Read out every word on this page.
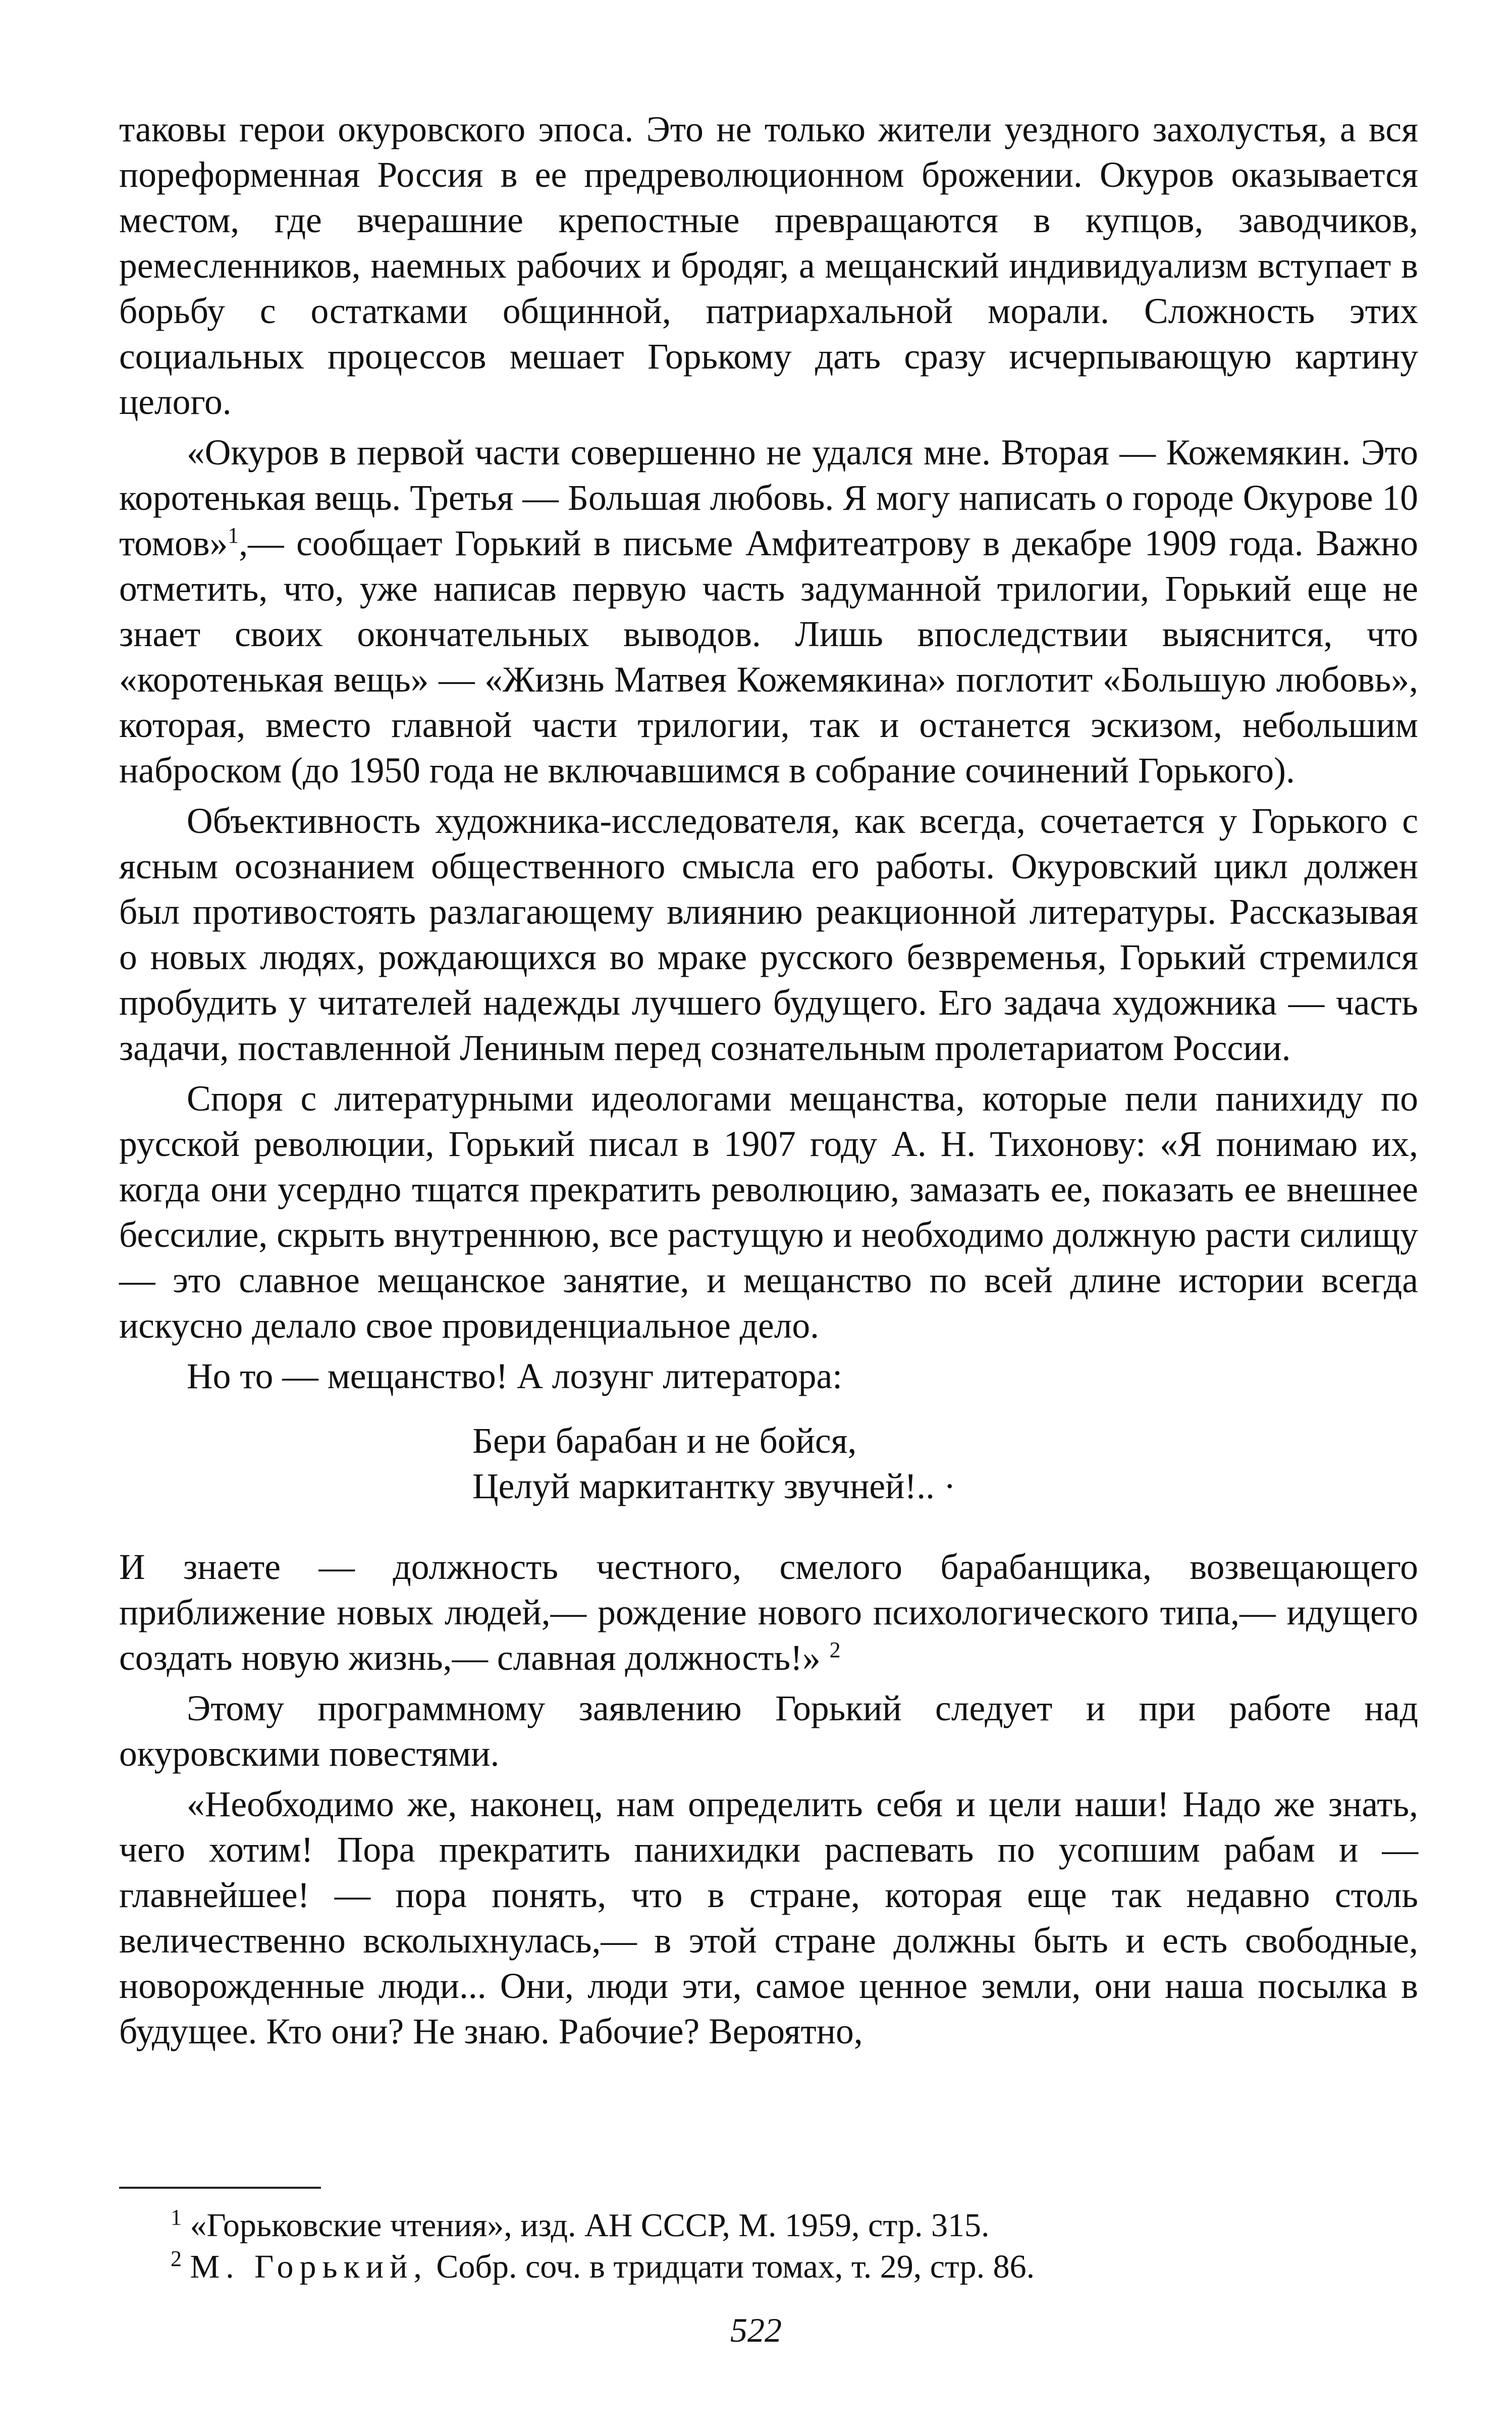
таковы герои окуровского эпоса. Это не только жители уездного захолустья, а вся пореформенная Россия в ее предреволюционном брожении. Окуров оказывается местом, где вчерашние крепостные превращаются в купцов, заводчиков, ремесленников, наемных рабочих и бродяг, а мещанский индивидуализм вступает в борьбу с остатками общинной, патриархальной морали. Сложность этих социальных процессов мешает Горькому дать сразу исчерпывающую картину целого.

«Окуров в первой части совершенно не удался мне. Вторая — Кожемякин. Это коротенькая вещь. Третья — Большая любовь. Я могу написать о городе Окурове 10 томов»$^1$,— сообщает Горький в письме Амфитеатрову в декабре 1909 года. Важно отметить, что, уже написав первую часть задуманной трилогии, Горький еще не знает своих окончательных выводов. Лишь впоследствии выяснится, что «коротенькая вещь» — «Жизнь Матвея Кожемякина» поглотит «Большую любовь», которая, вместо главной части трилогии, так и останется эскизом, небольшим наброском (до 1950 года не включавшимся в собрание сочинений Горького).

Объективность художника-исследователя, как всегда, сочетается у Горького с ясным осознанием общественного смысла его работы. Окуровский цикл должен был противостоять разлагающему влиянию реакционной литературы. Рассказывая о новых людях, рождающихся во мраке русского безвременья, Горький стремился пробудить у читателей надежды лучшего будущего. Его задача художника — часть задачи, поставленной Лениным перед сознательным пролетариатом России.

Споря с литературными идеологами мещанства, которые пели панихиду по русской революции, Горький писал в 1907 году А. Н. Тихонову: «Я понимаю их, когда они усердно тщатся прекратить революцию, замазать ее, показать ее внешнее бессилие, скрыть внутреннюю, все растущую и необходимо должную расти силищу — это славное мещанское занятие, и мещанство по всей длине истории всегда искусно делало свое провиденциальное дело.

Но то — мещанство! А лозунг литератора:

Бери барабан и не бойся,
Целуй маркитантку звучней!.. ·

И знаете — должность честного, смелого барабанщика, возвещающего приближение новых людей,— рождение нового психологического типа,— идущего создать новую жизнь,— славная должность!» $^2$

Этому программному заявлению Горький следует и при работе над окуровскими повестями.

«Необходимо же, наконец, нам определить себя и цели наши! Надо же знать, чего хотим! Пора прекратить панихидки распевать по усопшим рабам и — главнейшее! — пора понять, что в стране, которая еще так недавно столь величественно всколыхнулась,— в этой стране должны быть и есть свободные, новорожденные люди... Они, люди эти, самое ценное земли, они наша посылка в будущее. Кто они? Не знаю. Рабочие? Вероятно,

$^1$ «Горьковские чтения», изд. АН СССР, М. 1959, стр. 315.

$^2$ М. Горький, Собр. соч. в тридцати томах, т. 29, стр. 86.

522
